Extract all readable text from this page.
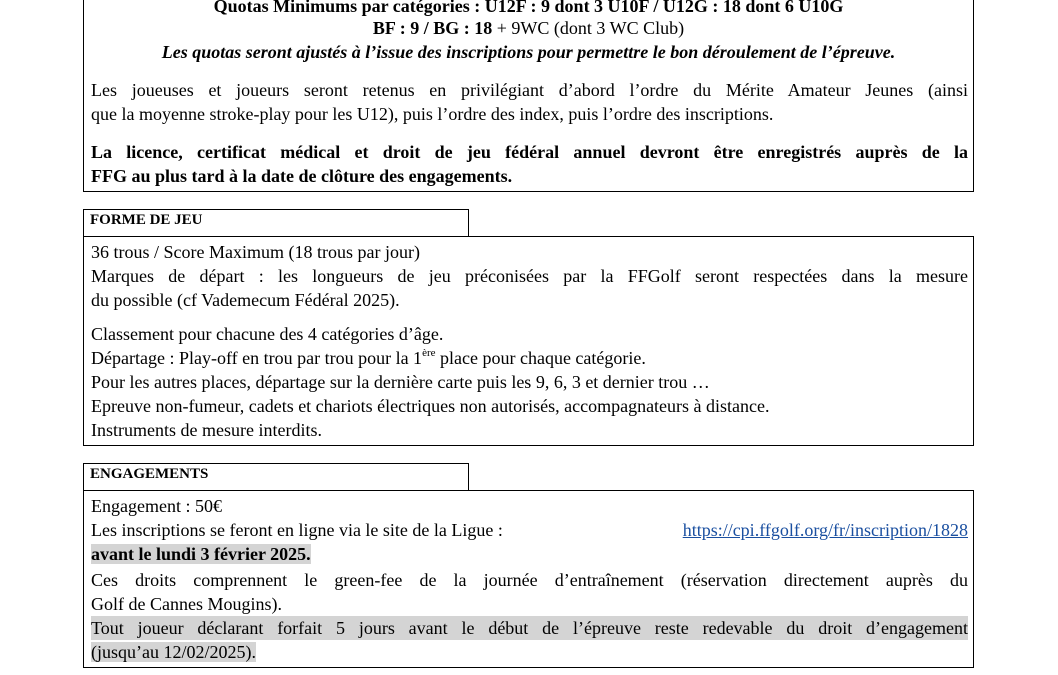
Quotas Minimums par catégories : U12F : 9 dont 3 U10F / U12G : 18 dont 6 U10G
BF : 9 / BG : 18 + 9WC (dont 3 WC Club)
Les quotas seront ajustés à l’issue des inscriptions pour permettre le bon déroulement de l’épreuve.
Les joueuses et joueurs seront retenus en privilégiant d’abord l’ordre du Mérite Amateur Jeunes (ainsi
que la moyenne stroke-play pour les U12), puis l’ordre des index, puis l’ordre des inscriptions.
La licence, certificat médical et droit de jeu fédéral annuel devront être enregistrés auprès de la
FFG au plus tard à la date de clôture des engagements.
FORME DE JEU
36 trous / Score Maximum (18 trous par jour)
Marques de départ : les longueurs de jeu préconisées par la FFGolf seront respectées dans la mesure
du possible (cf Vademecum Fédéral 2025).
Classement pour chacune des 4 catégories d’âge.
Départage : Play-off en trou par trou pour la 1ère place pour chaque catégorie.
Pour les autres places, départage sur la dernière carte puis les 9, 6, 3 et dernier trou …
Epreuve non-fumeur, cadets et chariots électriques non autorisés, accompagnateurs à distance.
Instruments de mesure interdits.
ENGAGEMENTS
Engagement : 50€
Les inscriptions se feront en ligne via le site de la Ligue :	https://cpi.ffgolf.org/fr/inscription/1828
avant le lundi 3 février 2025.
Ces droits comprennent le green-fee de la journée d’entraînement (réservation directement auprès du
Golf de Cannes Mougins).
Tout joueur déclarant forfait 5 jours avant le début de l’épreuve reste redevable du droit d’engagement
(jusqu’au 12/02/2025).
